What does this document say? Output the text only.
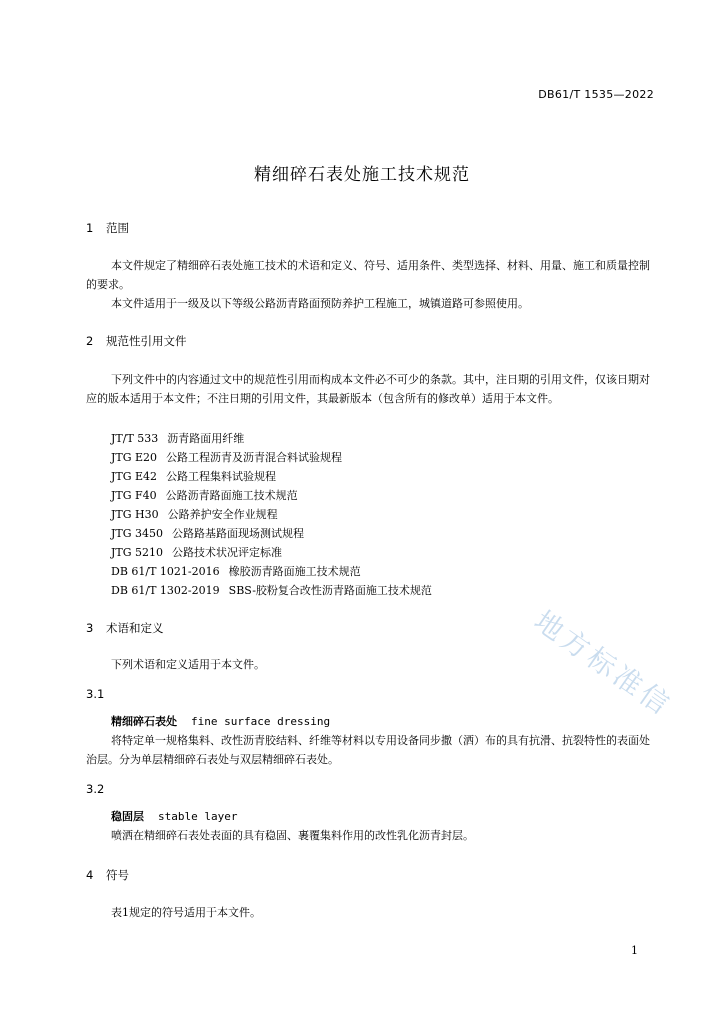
DB61/T 1535—2022
精细碎石表处施工技术规范
1 范围
本文件规定了精细碎石表处施工技术的术语和定义、符号、适用条件、类型选择、材料、用量、施工和质量控制的要求。
本文件适用于一级及以下等级公路沥青路面预防养护工程施工，城镇道路可参照使用。
2 规范性引用文件
下列文件中的内容通过文中的规范性引用而构成本文件必不可少的条款。其中，注日期的引用文件，仅该日期对应的版本适用于本文件；不注日期的引用文件，其最新版本（包含所有的修改单）适用于本文件。
JT/T 533 沥青路面用纤维
JTG E20 公路工程沥青及沥青混合料试验规程
JTG E42 公路工程集料试验规程
JTG F40 公路沥青路面施工技术规范
JTG H30 公路养护安全作业规程
JTG 3450 公路路基路面现场测试规程
JTG 5210 公路技术状况评定标准
DB 61/T 1021-2016 橡胶沥青路面施工技术规范
DB 61/T 1302-2019 SBS-胶粉复合改性沥青路面施工技术规范
3 术语和定义
下列术语和定义适用于本文件。
3.1
精细碎石表处 fine surface dressing
将特定单一规格集料、改性沥青胶结料、纤维等材料以专用设备同步撒（洒）布的具有抗滑、抗裂特性的表面处治层。分为单层精细碎石表处与双层精细碎石表处。
3.2
稳固层 stable layer
喷洒在精细碎石表处表面的具有稳固、裹覆集料作用的改性乳化沥青封层。
4 符号
表1规定的符号适用于本文件。
地方标准信
1
